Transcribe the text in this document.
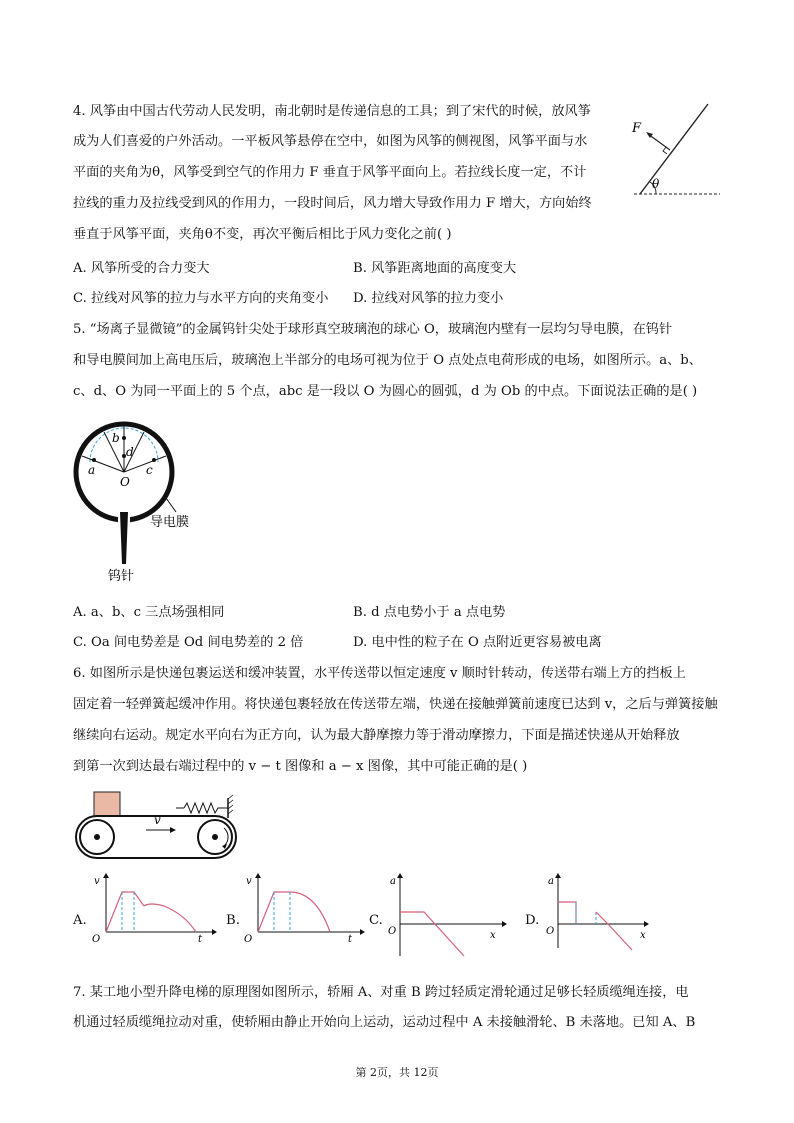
4. 风筝由中国古代劳动人民发明，南北朝时是传递信息的工具；到了宋代的时候，放风筝
成为人们喜爱的户外活动。一平板风筝悬停在空中，如图为风筝的侧视图，风筝平面与水
平面的夹角为θ，风筝受到空气的作用力 F 垂直于风筝平面向上。若拉线长度一定，不计
拉线的重力及拉线受到风的作用力，一段时间后，风力增大导致作用力 F 增大，方向始终
垂直于风筝平面，夹角θ不变，再次平衡后相比于风力变化之前( )
F
θ
A. 风筝所受的合力变大	B. 风筝距离地面的高度变大
C. 拉线对风筝的拉力与水平方向的夹角变小 D. 拉线对风筝的拉力变小
5. “场离子显微镜”的金属钨针尖处于球形真空玻璃泡的球心 O，玻璃泡内壁有一层均匀导电膜，在钨针
和导电膜间加上高电压后，玻璃泡上半部分的电场可视为位于 O 点处点电荷形成的电场，如图所示。a、b、
c、d、O 为同一平面上的 5 个点，abc 是一段以 O 为圆心的圆弧，d 为 Ob 的中点。下面说法正确的是( )
a
b
d
c
O
导电膜
钨针
A. a、b、c 三点场强相同	B. d 点电势小于 a 点电势
C. Oa 间电势差是 Od 间电势差的 2 倍	D. 电中性的粒子在 O 点附近更容易被电离
6. 如图所示是快递包裹运送和缓冲装置，水平传送带以恒定速度 v 顺时针转动，传送带右端上方的挡板上
固定着一轻弹簧起缓冲作用。将快递包裹轻放在传送带左端，快递在接触弹簧前速度已达到 v，之后与弹簧接触
继续向右运动。规定水平向右为正方向，认为最大静摩擦力等于滑动摩擦力，下面是描述快递从开始释放
到第一次到达最右端过程中的 v − t 图像和 a − x 图像，其中可能正确的是( )
v
A.
v
t
O
B.
v
t
O
C.
a
x
O
D.
a
x
O
7. 某工地小型升降电梯的原理图如图所示，轿厢 A、对重 B 跨过轻质定滑轮通过足够长轻质缆绳连接，电
机通过轻质缆绳拉动对重，使轿厢由静止开始向上运动，运动过程中 A 未接触滑轮、B 未落地。已知 A、B
第 2页，共 12页
